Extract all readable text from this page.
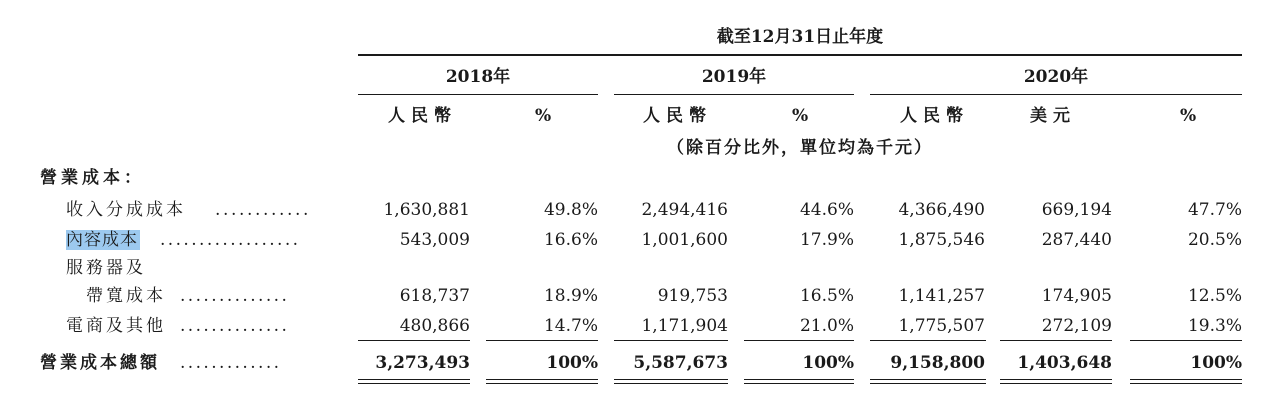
截至12月31日止年度
2018年	2019年	2020年
人民幣	%	人民幣	%	人民幣	美元	%
（除百分比外，單位均為千元）
營業成本：
收入分成成本 ............	1,630,881	49.8%	2,494,416	44.6%	4,366,490	669,194	47.7%
內容成本 ..................	543,009	16.6%	1,001,600	17.9%	1,875,546	287,440	20.5%
服務器及
帶寬成本 ..............	618,737	18.9%	919,753	16.5%	1,141,257	174,905	12.5%
電商及其他 ..............	480,866	14.7%	1,171,904	21.0%	1,775,507	272,109	19.3%
營業成本總額 .............	3,273,493	100%	5,587,673	100%	9,158,800	1,403,648	100%
